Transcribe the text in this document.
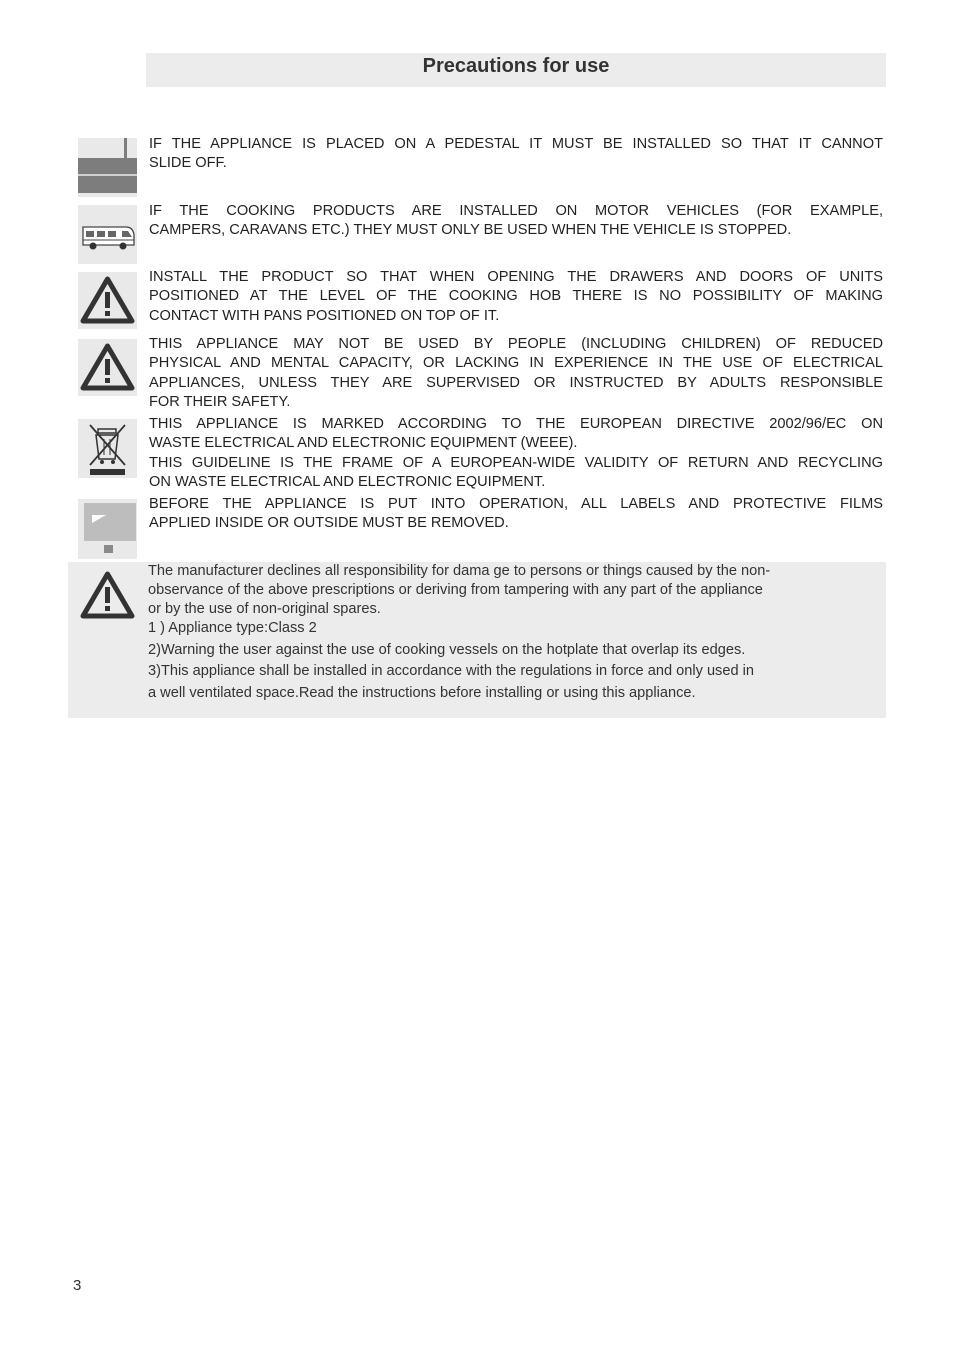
Precautions for use
IF THE APPLIANCE IS PLACED ON A PEDESTAL IT MUST BE INSTALLED SO THAT IT CANNOT
SLIDE OFF.
IF THE COOKING PRODUCTS ARE INSTALLED ON MOTOR VEHICLES (FOR EXAMPLE,
CAMPERS, CARAVANS ETC.) THEY MUST ONLY BE USED WHEN THE VEHICLE IS STOPPED.
INSTALL THE PRODUCT SO THAT WHEN OPENING THE DRAWERS AND DOORS OF UNITS
POSITIONED AT THE LEVEL OF THE COOKING HOB THERE IS NO POSSIBILITY OF MAKING
CONTACT WITH PANS POSITIONED ON TOP OF IT.
THIS APPLIANCE MAY NOT BE USED BY PEOPLE (INCLUDING CHILDREN) OF REDUCED
PHYSICAL AND MENTAL CAPACITY, OR LACKING IN EXPERIENCE IN THE USE OF ELECTRICAL
APPLIANCES, UNLESS THEY ARE SUPERVISED OR INSTRUCTED BY ADULTS RESPONSIBLE
FOR THEIR SAFETY.
THIS APPLIANCE IS MARKED ACCORDING TO THE EUROPEAN DIRECTIVE 2002/96/EC ON
WASTE ELECTRICAL AND ELECTRONIC EQUIPMENT (WEEE).
THIS GUIDELINE IS THE FRAME OF A EUROPEAN-WIDE VALIDITY OF RETURN AND RECYCLING
ON WASTE ELECTRICAL AND ELECTRONIC EQUIPMENT.
BEFORE THE APPLIANCE IS PUT INTO OPERATION, ALL LABELS AND PROTECTIVE FILMS
APPLIED INSIDE OR OUTSIDE MUST BE REMOVED.
The manufacturer declines all responsibility for dama ge to persons or things caused by the non-
observance of the above prescriptions or deriving from tampering with any part of the appliance
or by the use of non-original spares.
1 ) Appliance type:Class 2
2)Warning the user against the use of cooking vessels on the hotplate that overlap its edges.
3)This appliance shall be installed in accordance with the regulations in force and only used in
a well ventilated space.Read the instructions before installing or using this appliance.
3
